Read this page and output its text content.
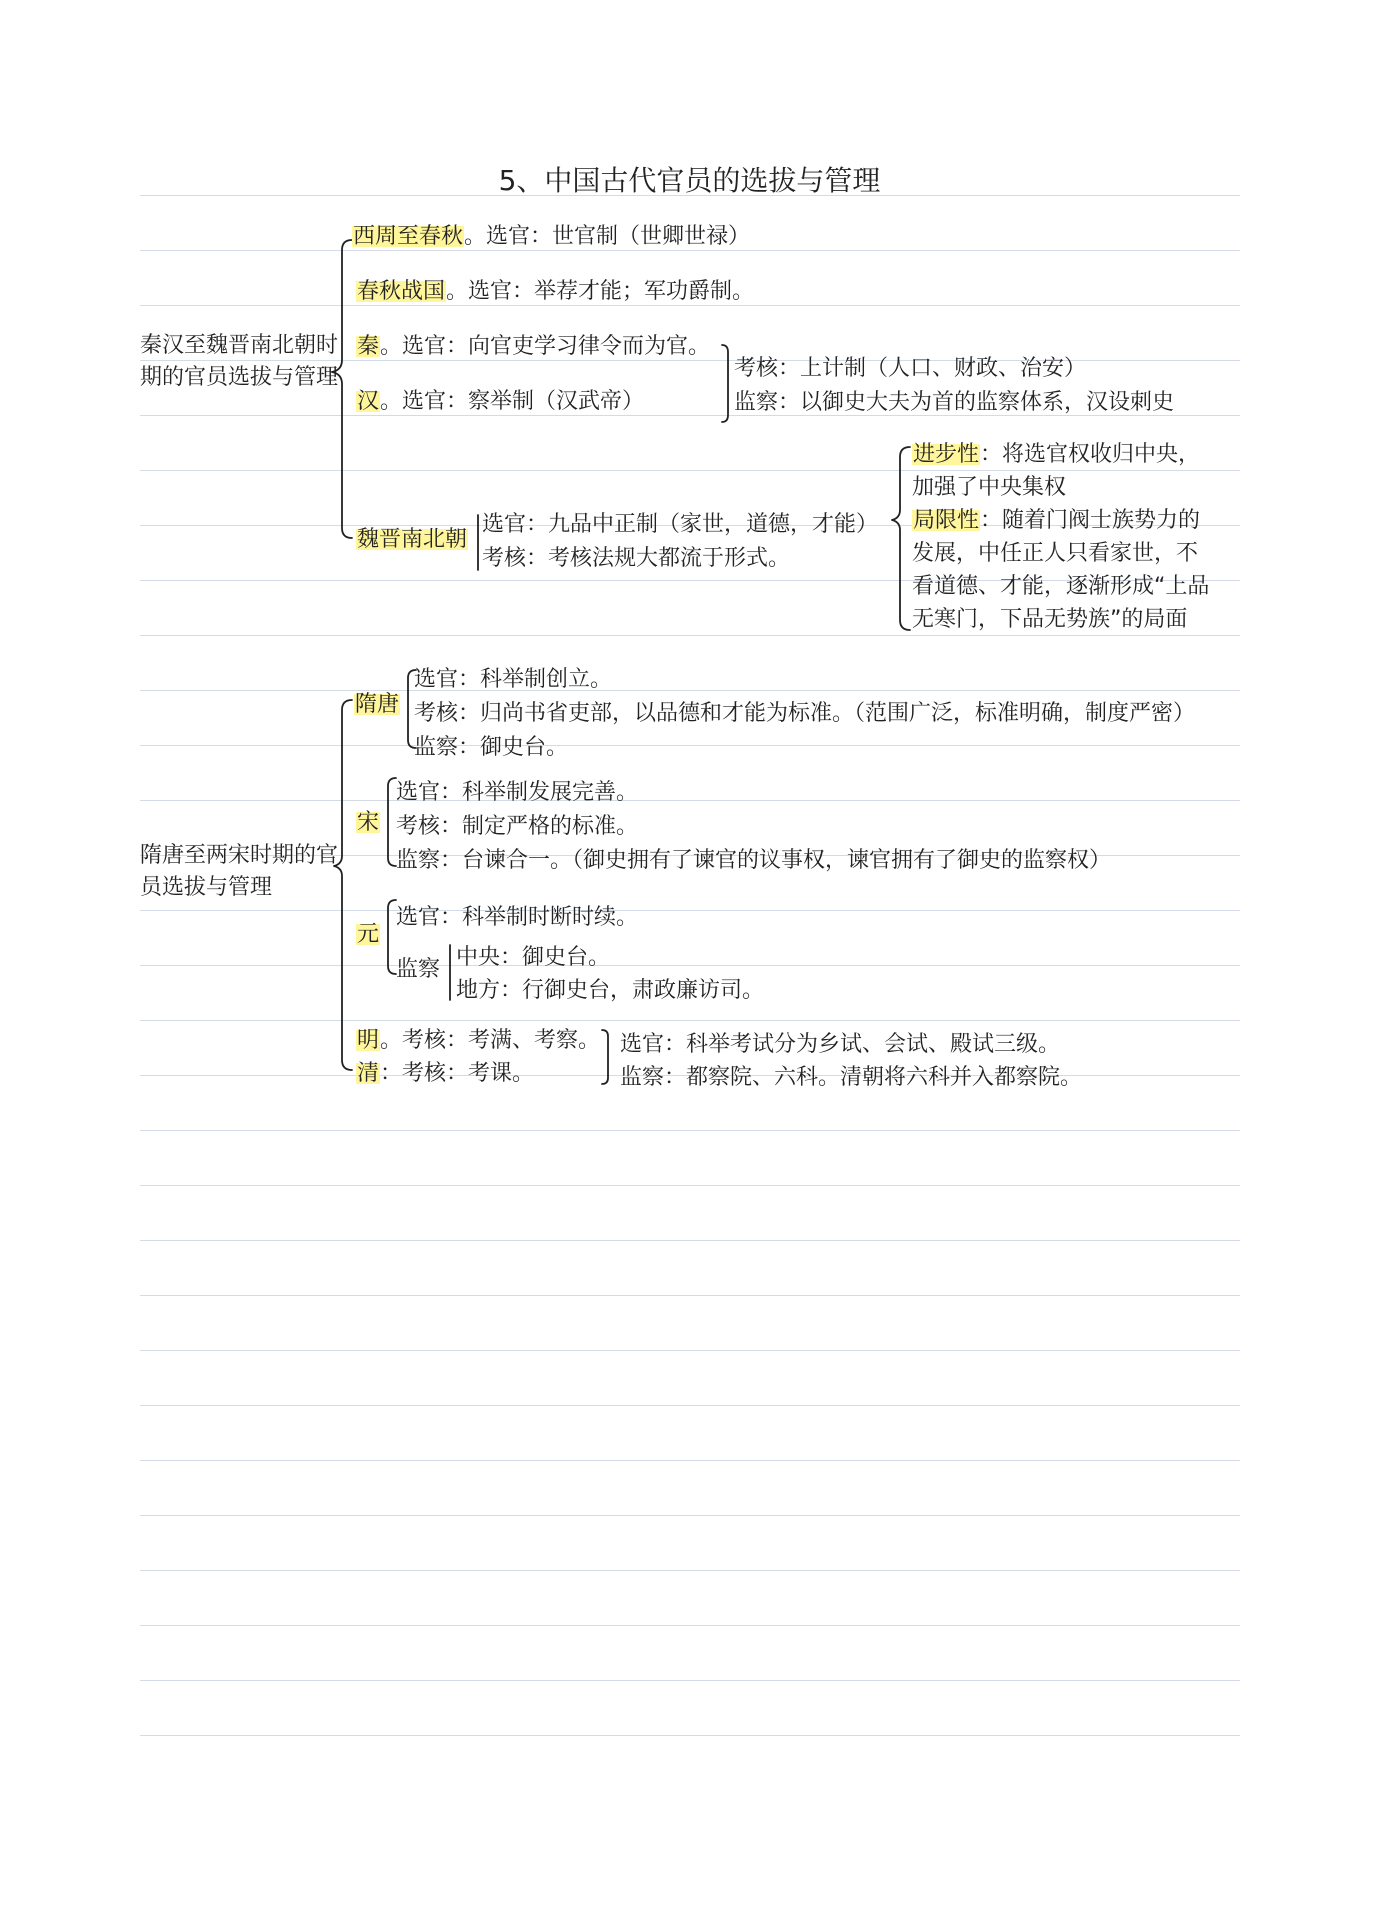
5、中国古代官员的选拔与管理
秦汉至魏晋南北朝时期的官员选拔与管理
西周至春秋。选官：世官制（世卿世禄）
春秋战国。选官：举荐才能；军功爵制。
秦。选官：向官吏学习律令而为官。
汉。选官：察举制（汉武帝）
考核：上计制（人口、财政、治安）
监察：以御史大夫为首的监察体系，汉设刺史
魏晋南北朝
选官：九品中正制（家世，道德，才能）
考核：考核法规大都流于形式。
进步性：将选官权收归中央，
加强了中央集权
局限性：随着门阀士族势力的
发展，中任正人只看家世，不
看道德、才能，逐渐形成“上品
无寒门，下品无势族”的局面
隋唐至两宋时期的官员选拔与管理
隋唐
选官：科举制创立。
考核：归尚书省吏部，以品德和才能为标准。（范围广泛，标准明确，制度严密）
监察：御史台。
宋
选官：科举制发展完善。
考核：制定严格的标准。
监察：台谏合一。（御史拥有了谏官的议事权，谏官拥有了御史的监察权）
元
选官：科举制时断时续。
监察 中央：御史台。
地方：行御史台，肃政廉访司。
明。考核：考满、考察。
清：考核：考课。
选官：科举考试分为乡试、会试、殿试三级。
监察：都察院、六科。清朝将六科并入都察院。
